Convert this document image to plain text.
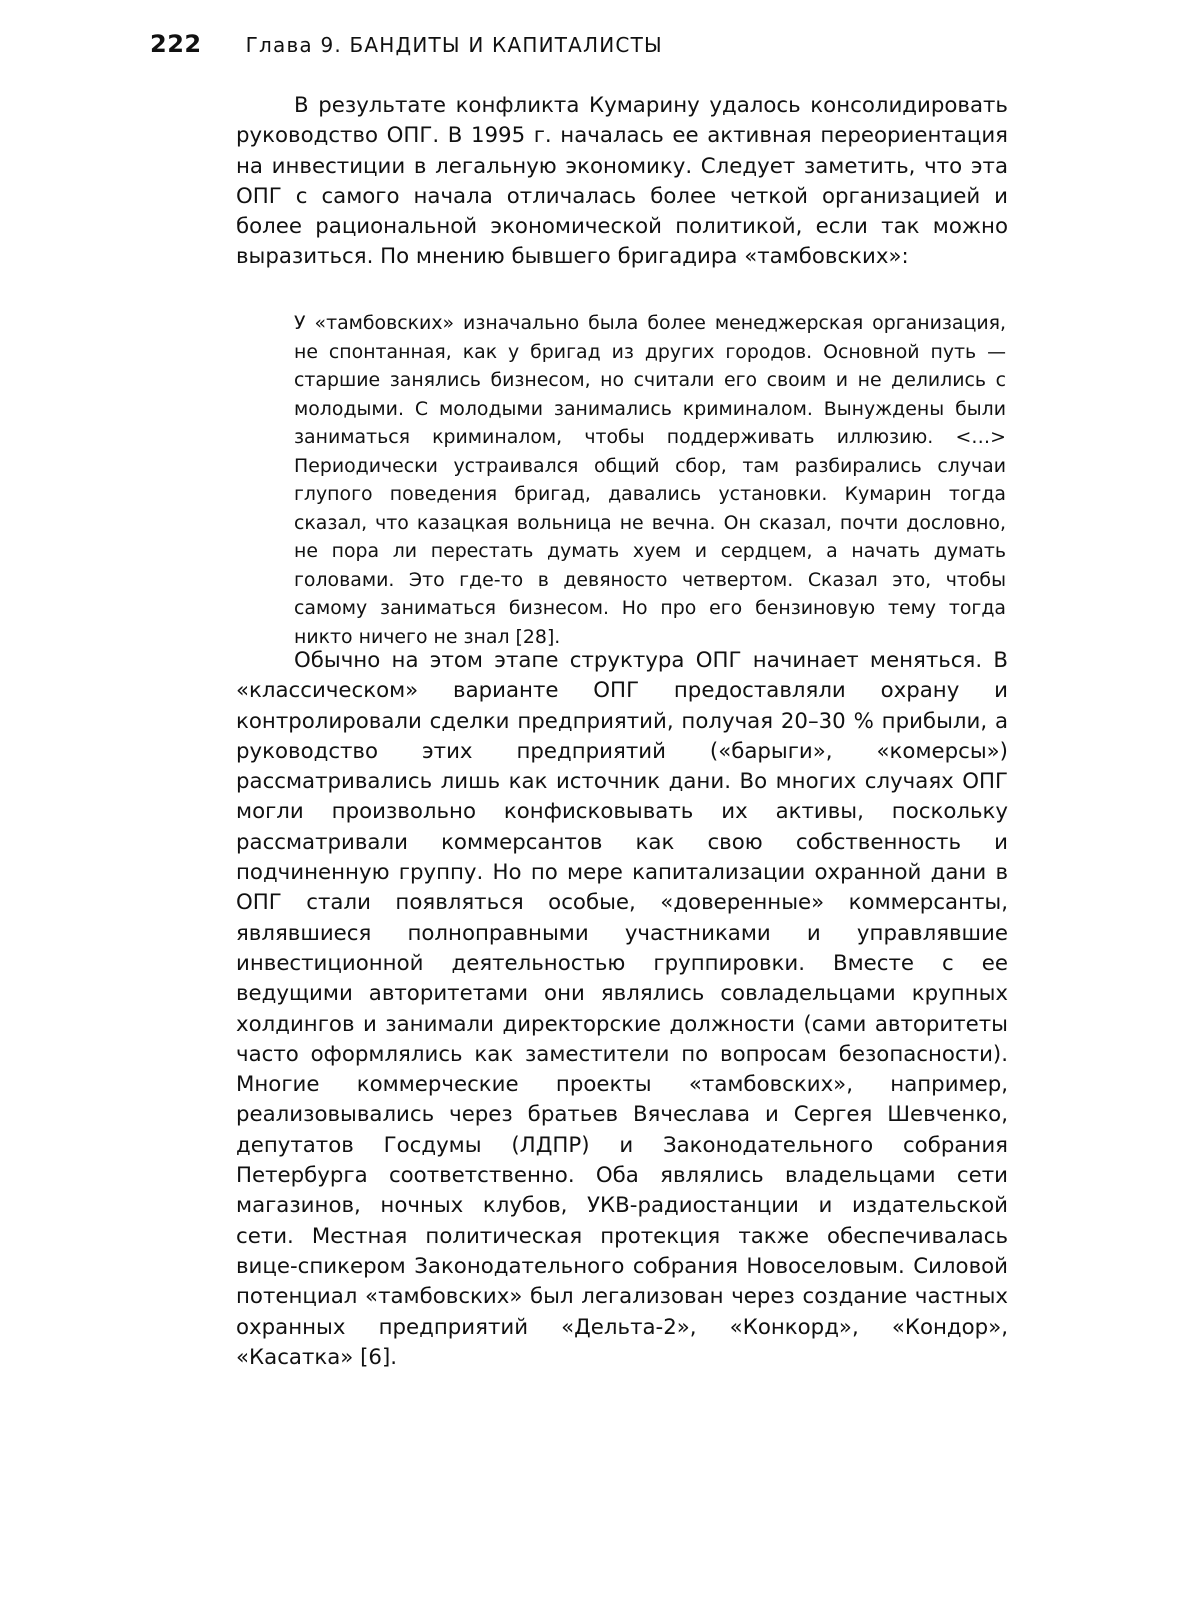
222 Глава 9. БАНДИТЫ И КАПИТАЛИСТЫ

В результате конфликта Кумарину удалось консолидировать руководство ОПГ. В 1995 г. началась ее активная переориентация на инвестиции в легальную экономику. Следует заметить, что эта ОПГ с самого начала отличалась более четкой организацией и более рациональной экономической политикой, если так можно выразиться. По мнению бывшего бригадира «тамбовских»:

У «тамбовских» изначально была более менеджерская организация, не спонтанная, как у бригад из других городов. Основной путь — старшие занялись бизнесом, но считали его своим и не делились с молодыми. С молодыми занимались криминалом. Вынуждены были заниматься криминалом, чтобы поддерживать иллюзию. <…> Периодически устраивался общий сбор, там разбирались случаи глупого поведения бригад, давались установки. Кумарин тогда сказал, что казацкая вольница не вечна. Он сказал, почти дословно, не пора ли перестать думать хуем и сердцем, а начать думать головами. Это где-то в девяносто четвертом. Сказал это, чтобы самому заниматься бизнесом. Но про его бензиновую тему тогда никто ничего не знал [28].

Обычно на этом этапе структура ОПГ начинает меняться. В «классическом» варианте ОПГ предоставляли охрану и контролировали сделки предприятий, получая 20–30 % прибыли, а руководство этих предприятий («барыги», «комерсы») рассматривались лишь как источник дани. Во многих случаях ОПГ могли произвольно конфисковывать их активы, поскольку рассматривали коммерсантов как свою собственность и подчиненную группу. Но по мере капитализации охранной дани в ОПГ стали появляться особые, «доверенные» коммерсанты, являвшиеся полноправными участниками и управлявшие инвестиционной деятельностью группировки. Вместе с ее ведущими авторитетами они являлись совладельцами крупных холдингов и занимали директорские должности (сами авторитеты часто оформлялись как заместители по вопросам безопасности). Многие коммерческие проекты «тамбовских», например, реализовывались через братьев Вячеслава и Сергея Шевченко, депутатов Госдумы (ЛДПР) и Законодательного собрания Петербурга соответственно. Оба являлись владельцами сети магазинов, ночных клубов, УКВ-радиостанции и издательской сети. Местная политическая протекция также обеспечивалась вице-спикером Законодательного собрания Новоселовым. Силовой потенциал «тамбовских» был легализован через создание частных охранных предприятий «Дельта-2», «Конкорд», «Кондор», «Касатка» [6].
